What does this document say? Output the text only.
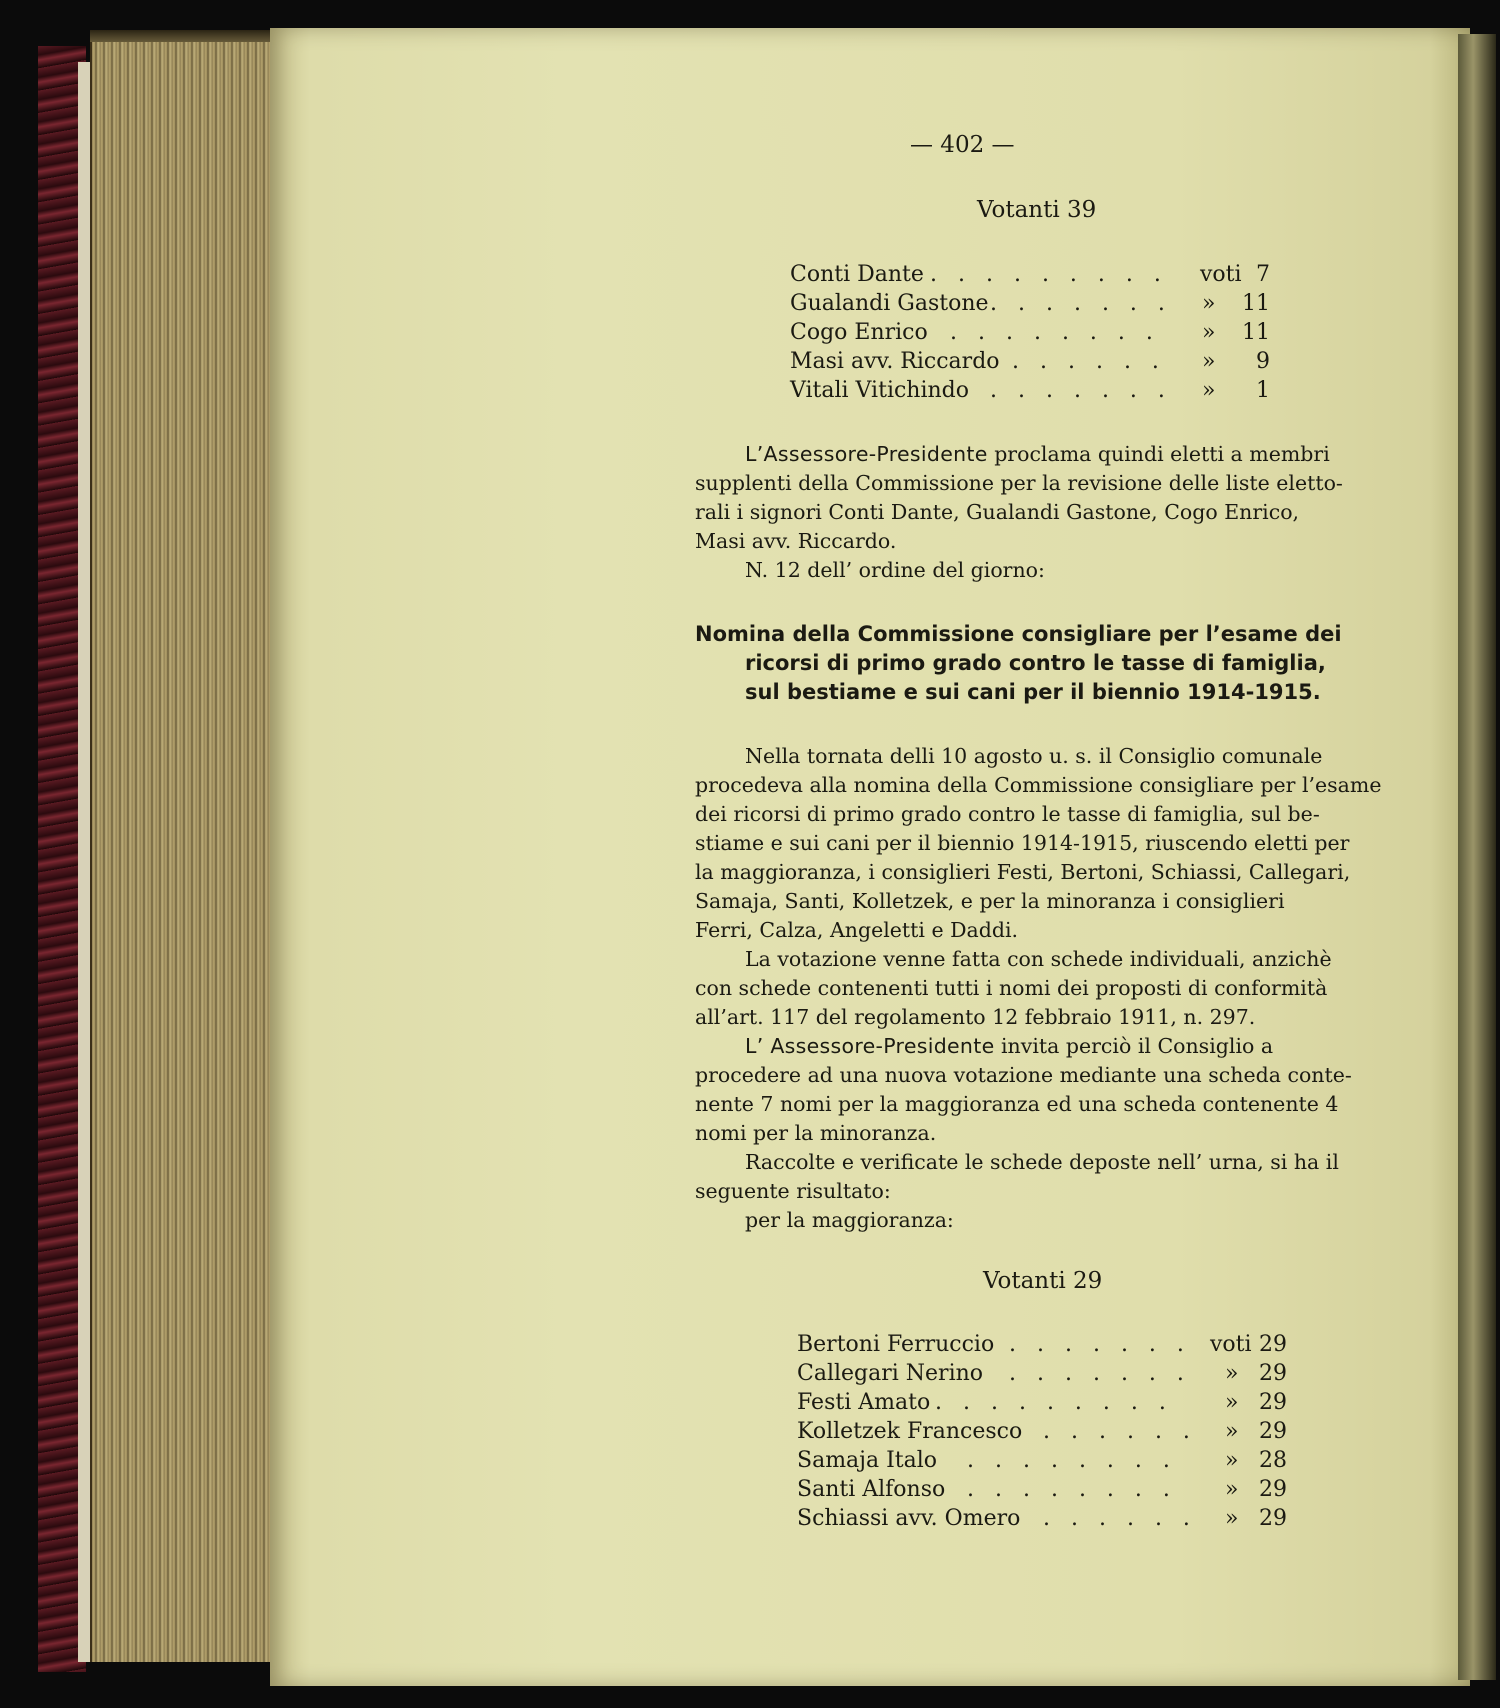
— 402 —
Votanti 39
Conti Dante . . . . . . . . . voti 7
Gualandi Gastone . . . . . . . »	11
Cogo Enrico . . . . . . . . »	11
Masi avv. Riccardo . . . . . . »	9
Vitali Vitichindo . . . . . . . »	1
L’Assessore-Presidente proclama quindi eletti a membri
supplenti della Commissione per la revisione delle liste eletto-
rali i signori Conti Dante, Gualandi Gastone, Cogo Enrico,
Masi avv. Riccardo.
N. 12 dell’ ordine del giorno:
Nomina della Commissione consigliare per l’esame dei
ricorsi di primo grado contro le tasse di famiglia,
sul bestiame e sui cani per il biennio 1914-1915.
Nella tornata delli 10 agosto u. s. il Consiglio comunale
procedeva alla nomina della Commissione consigliare per l’esame
dei ricorsi di primo grado contro le tasse di famiglia, sul be-
stiame e sui cani per il biennio 1914-1915, riuscendo eletti per
la maggioranza, i consiglieri Festi, Bertoni, Schiassi, Callegari,
Samaja, Santi, Kolletzek, e per la minoranza i consiglieri
Ferri, Calza, Angeletti e Daddi.
La votazione venne fatta con schede individuali, anzichè
con schede contenenti tutti i nomi dei proposti di conformità
all’art. 117 del regolamento 12 febbraio 1911, n. 297.
L’ Assessore-Presidente invita perciò il Consiglio a
procedere ad una nuova votazione mediante una scheda conte-
nente 7 nomi per la maggioranza ed una scheda contenente 4
nomi per la minoranza.
Raccolte e verificate le schede deposte nell’ urna, si ha il
seguente risultato:
per la maggioranza:
Votanti 29
Bertoni Ferruccio . . . . . . . voti 29
Callegari Nerino . . . . . . . » 29
Festi Amato . . . . . . . . . » 29
Kolletzek Francesco . . . . . . » 29
Samaja Italo . . . . . . . . » 28
Santi Alfonso . . . . . . . . » 29
Schiassi avv. Omero . . . . . . » 29
